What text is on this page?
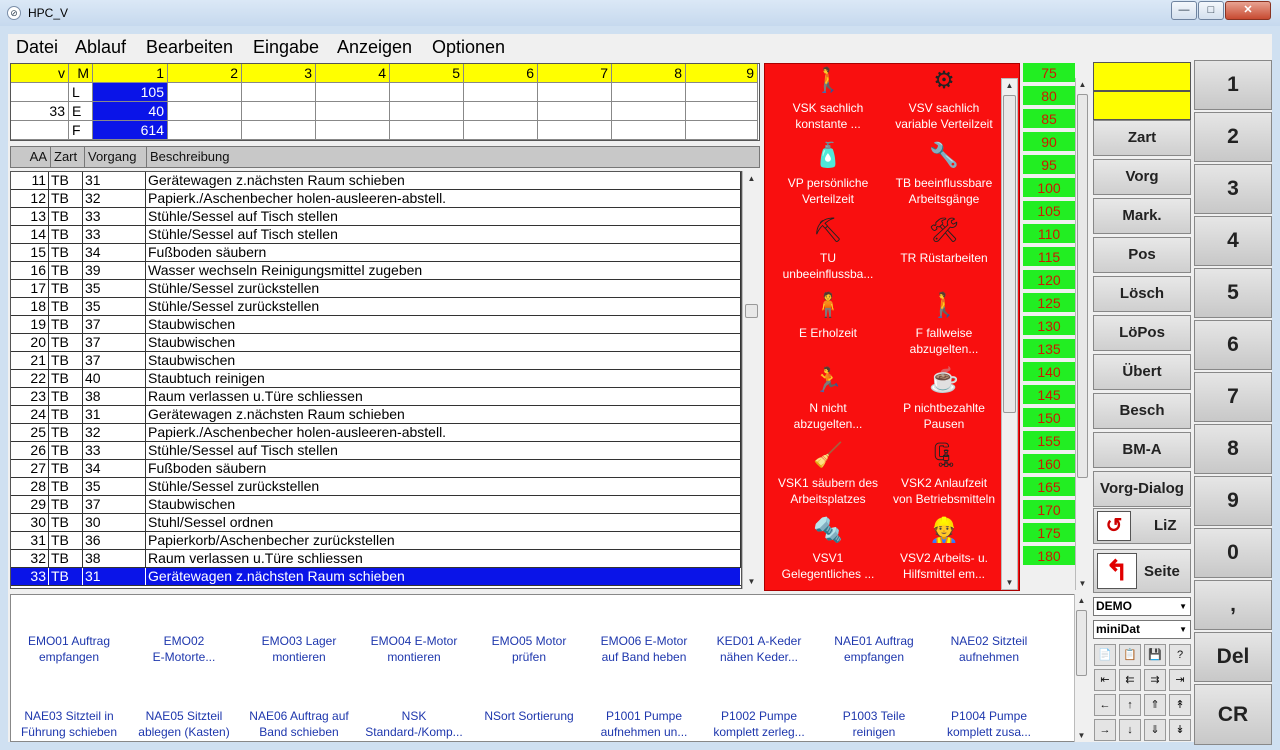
⊘ HPC_V	—	□	✕
Datei Ablauf Bearbeiten Eingabe Anzeigen Optionen
v M	1	2	3	4	5	6	7	8	9
L	105
33 E	40
F	614
AA Zart Vorgang	Beschreibung
11 TB	31	Gerätewagen z.nächsten Raum schieben
12 TB	32	Papierk./Aschenbecher holen-ausleeren-abstell.
13 TB	33	Stühle/Sessel auf Tisch stellen
14 TB	33	Stühle/Sessel auf Tisch stellen
15 TB	34	Fußboden säubern
16 TB	39	Wasser wechseln Reinigungsmittel zugeben
17 TB	35	Stühle/Sessel zurückstellen
18 TB	35	Stühle/Sessel zurückstellen
19 TB	37	Staubwischen
20 TB	37	Staubwischen
21 TB	37	Staubwischen
22 TB	40	Staubtuch reinigen
23 TB	38	Raum verlassen u.Türe schliessen
24 TB	31	Gerätewagen z.nächsten Raum schieben
25 TB	32	Papierk./Aschenbecher holen-ausleeren-abstell.
26 TB	33	Stühle/Sessel auf Tisch stellen
27 TB	34	Fußboden säubern
28 TB	35	Stühle/Sessel zurückstellen
29 TB	37	Staubwischen
30 TB	30	Stuhl/Sessel ordnen
31 TB	36	Papierkorb/Aschenbecher zurückstellen
32 TB	38	Raum verlassen u.Türe schliessen
33 TB	31	Gerätewagen z.nächsten Raum schieben
▲
▼
🚶
VSK sachlich
konstante ...
⚙
VSV sachlich
variable Verteilzeit
🧴
VP persönliche
Verteilzeit
🔧
TB beeinflussbare
Arbeitsgänge
⛏
TU
unbeeinflussba...
🛠
TR Rüstarbeiten
🧍
E Erholzeit
🚶
F fallweise
abzugelten...
🏃
N nicht
abzugelten...
☕
P nichtbezahlte
Pausen
🧹
VSK1 säubern des
Arbeitsplatzes
🗜
VSK2 Anlaufzeit
von Betriebsmitteln
🔩
VSV1
Gelegentliches ...
👷
VSV2 Arbeits- u.
Hilfsmittel em...
▲
▼
75
80
85
90
95
100
105
110
115
120
125
130
135
140
145
150
155
160
165
170
175
180
▲
▼
Zart
Vorg
Mark.
Pos
Lösch
LöPos
Übert
Besch
BM-A
Vorg-Dialog
↺	LiZ
↰	Seite
1
2
3
4
5
6
7
8
9
0
,
Del
CR
EMO01 Auftrag
empfangen
EMO02
E-Motorte...
EMO03 Lager
montieren
EMO04 E-Motor
montieren
EMO05 Motor
prüfen
EMO06 E-Motor
auf Band heben
KED01 A-Keder
nähen Keder...
NAE01 Auftrag
empfangen
NAE02 Sitzteil
aufnehmen
NAE03 Sitzteil in
Führung schieben
NAE05 Sitzteil
ablegen (Kasten)
NAE06 Auftrag auf
Band schieben
NSK
Standard-/Komp...
NSort Sortierung	P1001 Pumpe
aufnehmen un...
P1002 Pumpe
komplett zerleg...
P1003 Teile
reinigen
P1004 Pumpe
komplett zusa...
▲
▼
DEMO	▼
miniDat	▼
📄	📋	💾	?
⇤	⇇	⇉	⇥
←	↑	⇑	↟
→	↓	⇓	↡
